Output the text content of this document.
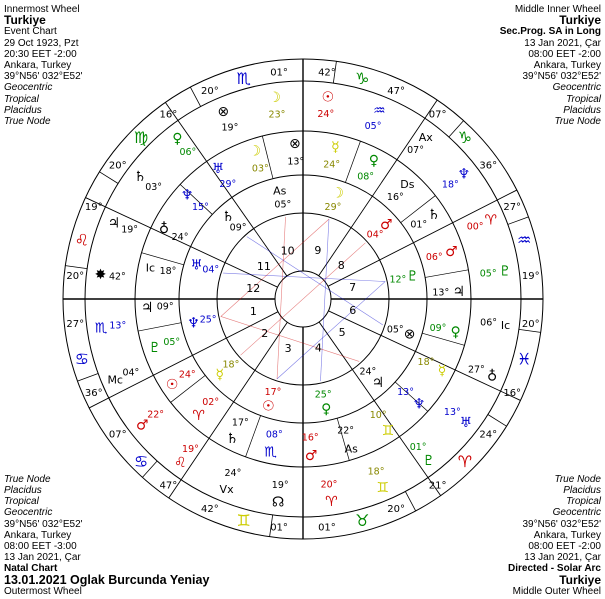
1
2
3 4
5
6
7
8
9
10
11
12
♒
19°
27°
♑
36°
07°
♑
47°
42°
♏ 01°
20°
♍
16°
20°
♌
19°
20°
♋
27°
36°
♋
07°
47°
♊
42°
01°	♉
01°
20°
♈
21°
24°
♓
16°
20°
♇
05°
♈
00°
♆
18°
Ax
07°
♒
05°
☉
24°
☽
23°
⊗
19°
♀
06°
♄
03°
♃ 19°
✸ 42°
♏ 13°
Mc
04°
♂
22°
♌
19°
Vx
24°
☊
19°
♈
20°	♊
18°
♇
01°
♅
13°
♁
27°
Ic
06°
♃
13°
♂
06°
♄
01°
Ds
16°
♀
08°
☿
24°
⊗
13°
☽
03°
♅
29°
♆
15°
♁
24°
Ic 18°
♃ 09°
♇ 05°
☉
24°
♈
02°
♄
17°
♏
08°
♂
16°
As
22° ♊
10°
♆
13°
☿
18°
♀
09°
♇
12°
♂
04°
☽
29°
As
05°
♄
09°
♅ 04°
♆ 25°
☿
18°
☉
17°
♀
25°
♃
24°
⊗
05°
Innermost Wheel
Turkiye
Event Chart
29 Oct 1923, Pzt
20:30 EET -2:00
Ankara, Turkey
39°N56' 032°E52'
Geocentric
Tropical
Placidus
True Node
Middle Inner Wheel
Turkiye
Sec.Prog. SA in Long
13 Jan 2021, Çar
08:00 EET -2:00
Ankara, Turkey
39°N56' 032°E52'
Geocentric
Tropical
Placidus
True Node
True Node
Placidus
Tropical
Geocentric
39°N56' 032°E52'
Ankara, Turkey
08:00 EET -3:00
13 Jan 2021, Çar
Natal Chart
13.01.2021 Oglak Burcunda Yeniay
Outermost Wheel
True Node
Placidus
Tropical
Geocentric
39°N56' 032°E52'
Ankara, Turkey
08:00 EET -2:00
13 Jan 2021, Çar
Directed - Solar Arc
Turkiye
Middle Outer Wheel
